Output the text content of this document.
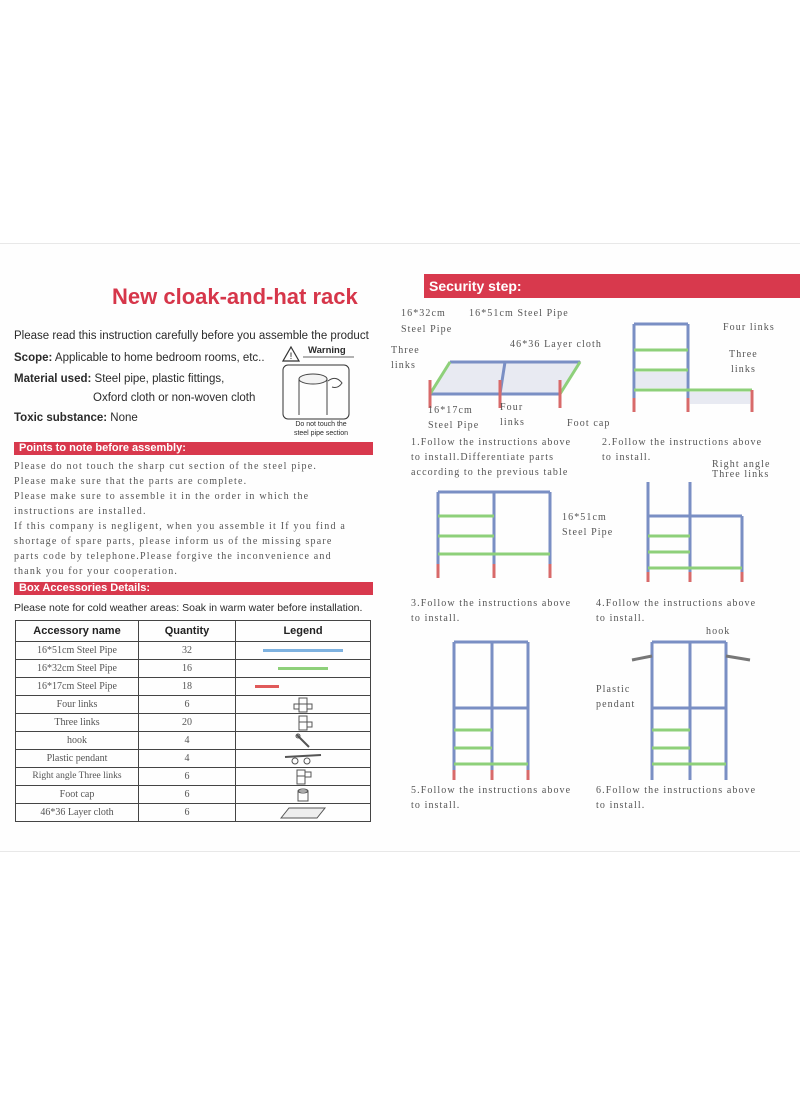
New cloak-and-hat rack
Please read this instruction carefully before you assemble the product
Scope: Applicable to home bedroom rooms, etc..
Material used: Steel pipe, plastic fittings,
Oxford cloth or non-woven cloth
Toxic substance: None
! Warning
Do not touch the
steel pipe section
Points to note before assembly:
Please do not touch the sharp cut section of the steel pipe.
Please make sure that the parts are complete.
Please make sure to assemble it in the order in which the
instructions are installed.
If this company is negligent, when you assemble it If you find a
shortage of spare parts, please inform us of the missing spare
parts code by telephone.Please forgive the inconvenience and
thank you for your cooperation.
Box Accessories Details:
Please note for cold weather areas: Soak in warm water before installation.
Accessory name	Quantity	Legend
16*51cm Steel Pipe	32	

16*32cm Steel Pipe	16	

16*17cm Steel Pipe	18	

Four links	6	

Three links	20	

hook	4	

Plastic pendant	4	

Right angle Three links	6	

Foot cap	6	

46*36 Layer cloth	6	
Security step:
16*32cm
Steel Pipe
16*51cm Steel Pipe
46*36 Layer cloth
Three
links
16*17cm
Steel Pipe
Four
links	Foot cap
1.Follow the instructions above
to install.Differentiate parts
according to the previous table
Four links
Three
links
2.Follow the instructions above
to install.
16*51cm
Steel Pipe
3.Follow the instructions above
to install.
Right angle
Three links
4.Follow the instructions above
to install.
5.Follow the instructions above
to install.
hook
Plastic
pendant
6.Follow the instructions above
to install.
